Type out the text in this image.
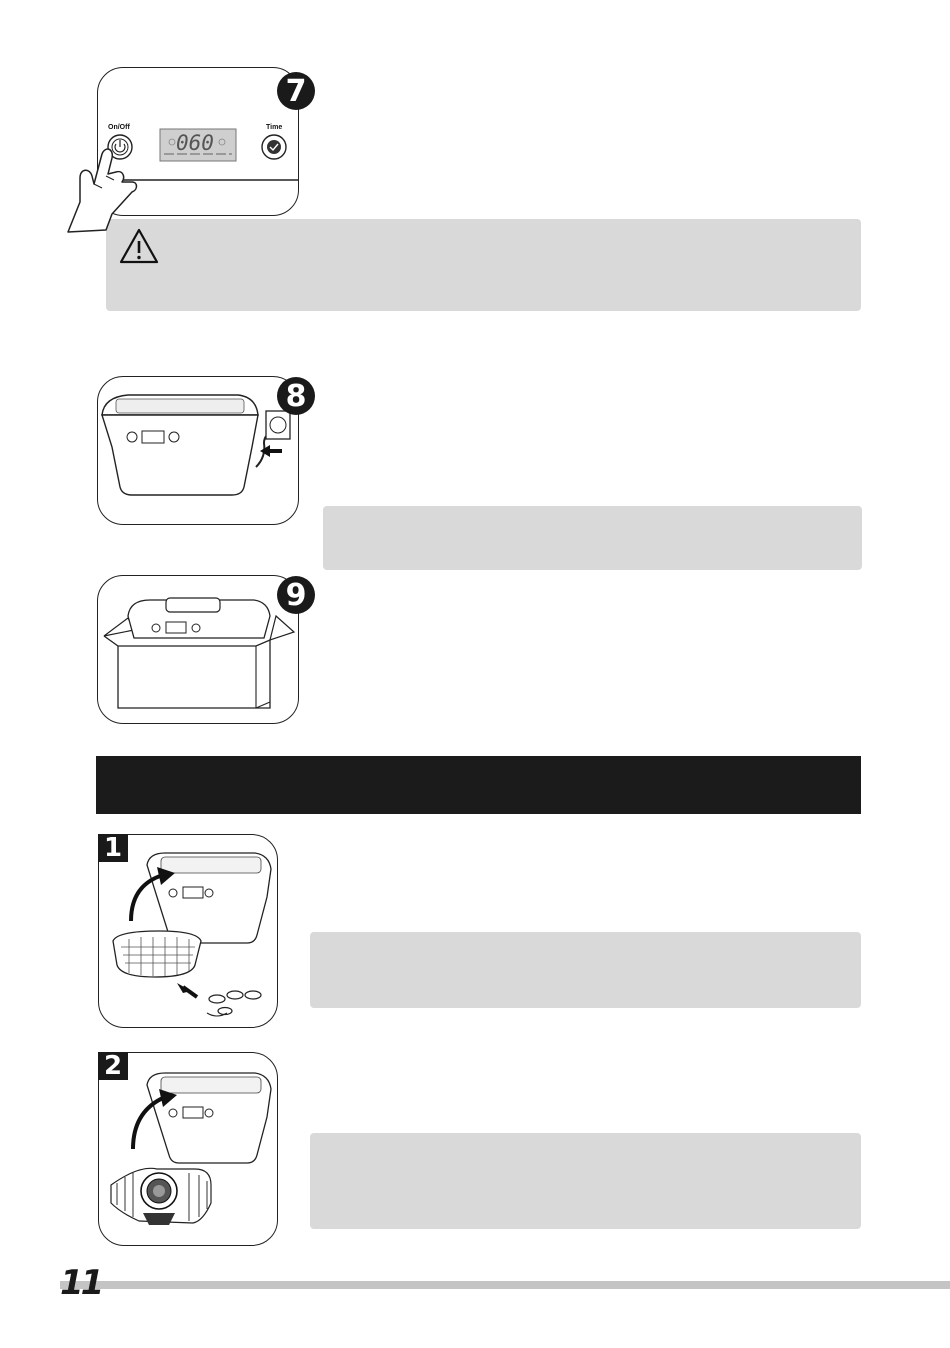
On/Off	Time
060
7
8
9
1
2
11
